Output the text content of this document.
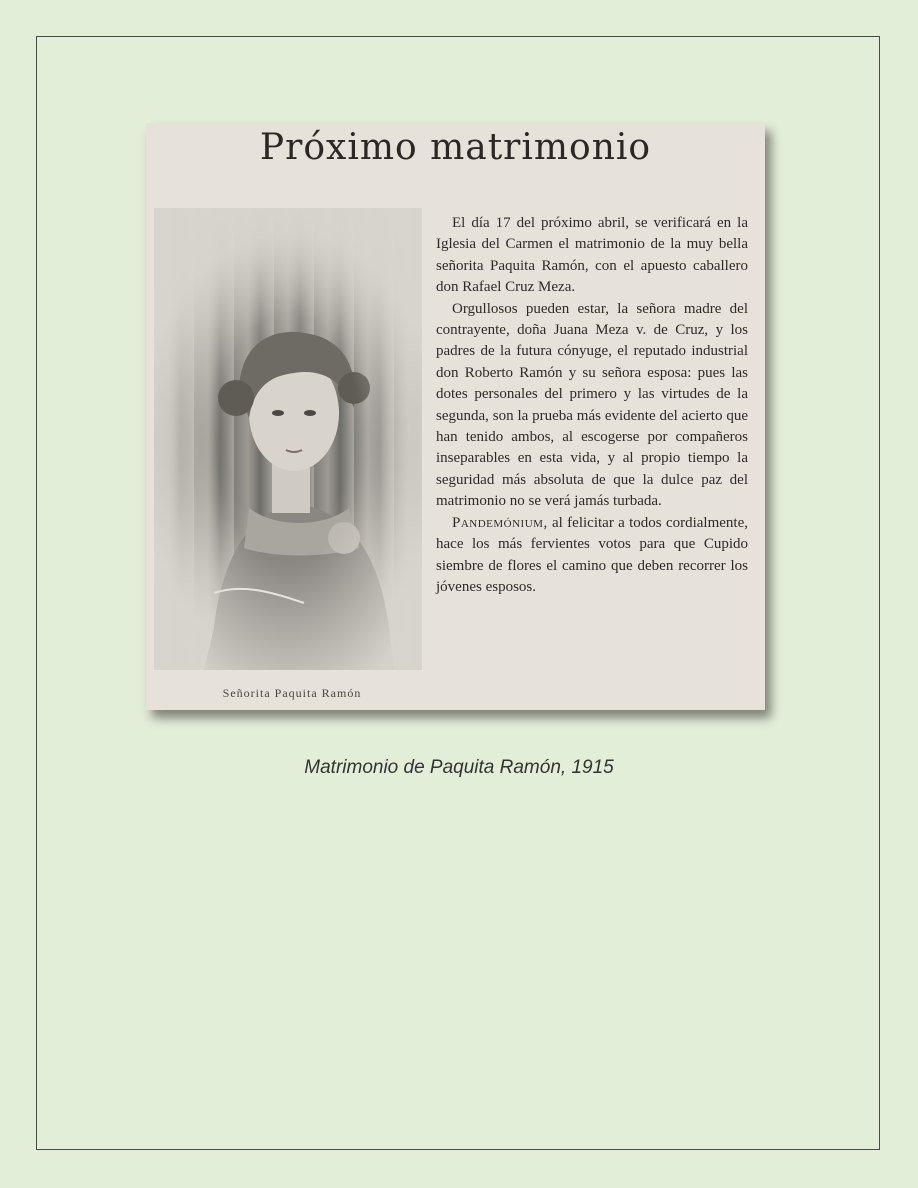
Próximo matrimonio
Señorita Paquita Ramón

El día 17 del próximo abril, se verificará en la Iglesia del Carmen el matrimonio de la muy bella señorita Paquita Ramón, con el apuesto caballero don Rafael Cruz Meza.

Orgullosos pueden estar, la señora madre del contrayente, doña Juana Meza v. de Cruz, y los padres de la futura cónyuge, el reputado industrial don Roberto Ramón y su señora esposa: pues las dotes personales del primero y las virtudes de la segunda, son la prueba más evidente del acierto que han tenido ambos, al escogerse por compañeros inseparables en esta vida, y al propio tiempo la seguridad más absoluta de que la dulce paz del matrimonio no se verá jamás turbada.

Pandemónium, al felicitar a todos cordialmente, hace los más fervientes votos para que Cupido siembre de flores el camino que deben recorrer los jóvenes esposos.

Matrimonio de Paquita Ramón, 1915
